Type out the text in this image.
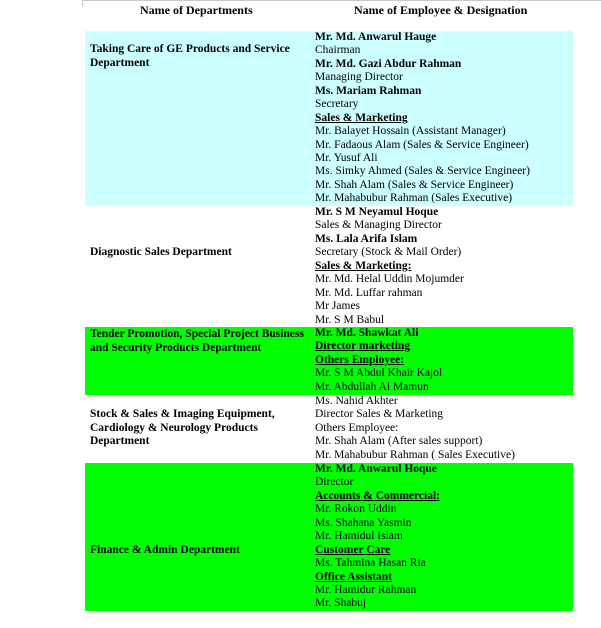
Name of Departments	Name of Employee & Designation
Taking Care of GE Products and Service Department
Mr. Md. Anwarul Hauge
Chairman
Mr. Md. Gazi Abdur Rahman
Managing Director
Ms. Mariam Rahman
Secretary
Sales & Marketing
Mr. Balayet Hossain (Assistant Manager)
Mr. Fadaous Alam (Sales & Service Engineer)
Mr. Yusuf Ali
Ms. Simky Ahmed (Sales & Service Engineer)
Mr. Shah Alam (Sales & Service Engineer)
Mr. Mahabubur Rahman (Sales Executive)
Diagnostic Sales Department
Mr. S M Neyamul Hoque
Sales & Managing Director
Ms. Lala Arifa Islam
Secretary (Stock & Mail Order)
Sales & Marketing:
Mr. Md. Helal Uddin Mojumder
Mr. Md. Luffar rahman
Mr James
Mr. S M Babul
Tender Promotion, Special Project Business and Security Products Department
Mr. Md. Shawkat Ali
Director marketing
Others Employee:
Mr. S M Abdul Khair Kajol
Mr. Abdullah Al Mamun
Stock & Sales & Imaging Equipment, Cardiology & Neurology Products Department
Ms. Nahid Akhter
Director Sales & Marketing
Others Employee:
Mr. Shah Alam (After sales support)
Mr. Mahabubur Rahman ( Sales Executive)
Finance & Admin Department
Mr. Md. Anwarul Hoque
Director
Accounts & Commercial:
Mr. Rokon Uddin
Ms. Shahana Yasmin
Mr. Hamidul Islam
Customer Care
Ms. Tahmina Hasan Ria
Office Assistant
Mr. Hamidur Rahman
Mr. Shabuj
